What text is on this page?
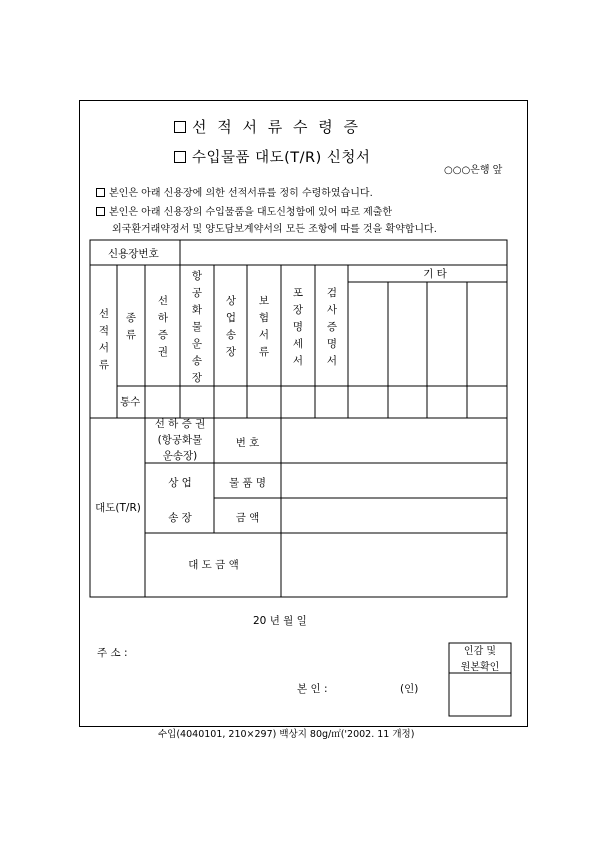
선 적 서 류 수 령 증
수입물품 대도(T/R) 신청서
○○○은행 앞
본인은 아래 신용장에 의한 선적서류를 정히 수령하였습니다.
본인은 아래 신용장의 수입물품을 대도신청함에 있어 따로 제출한
외국환거래약정서 및 양도담보계약서의 모든 조항에 따를 것을 확약합니다.
신용장번호
선
적
서
류
종
류
선
하
증
권
항
공
화
물
운
송
장
상
업
송
장
보
험
서
류
포
장
명
세
서
검
사
증
명
서
기 타
통수
대도(T/R)
선 하 증 권
(항공화물
운송장)
번 호
상 업
송 장
물 품 명
금 액
대 도 금 액
20 년 월 일
주 소 :	인감 및
원본확인
본 인 :	(인)
수입(4040101, 210×297) 백상지 80g/㎡('2002. 11 개정)
